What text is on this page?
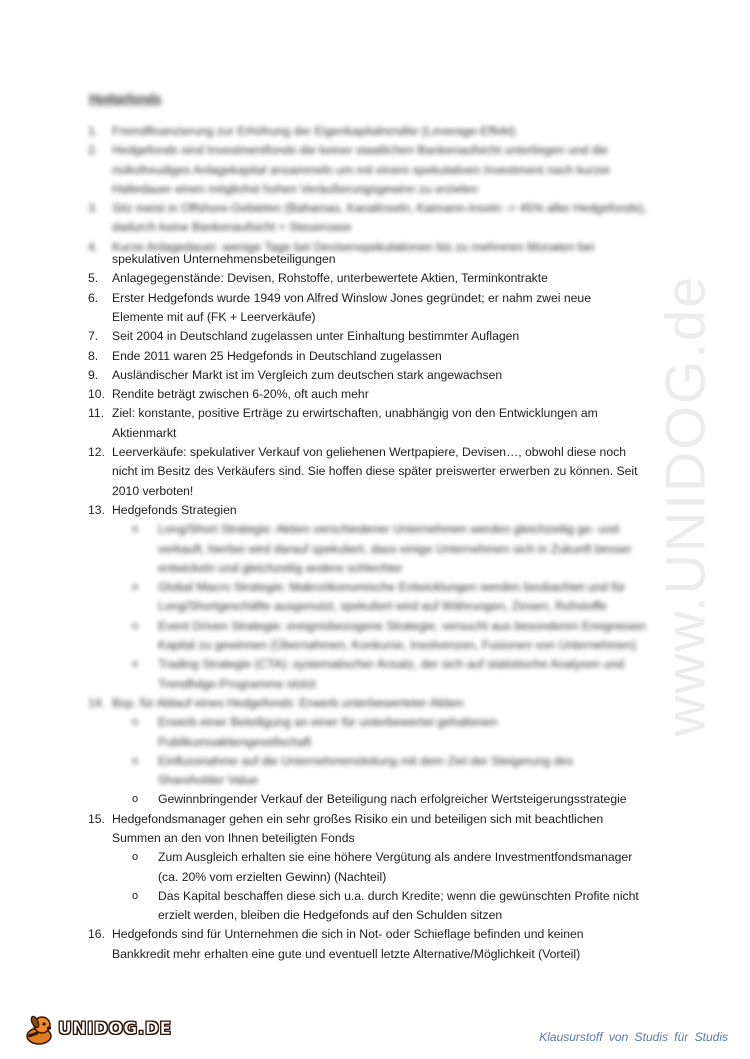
www.UNIDOG.de
Hedgefonds
1.	Fremdfinanzierung zur Erhöhung der Eigenkapitalrendite (Leverage-Effekt)
2.	Hedgefonds sind Investmentfonds die keiner staatlichen Bankenaufsicht unterliegen und die
risikofreudiges Anlagekapital ansammeln um mit einem spekulativen Investment nach kurzer
Haltedauer einen möglichst hohen Veräußerungsgewinn zu erzielen
3.	Sitz meist in Offshore-Gebieten (Bahamas, Kanalinseln, Kaimann-Inseln -> 45% aller Hedgefonds),
dadurch keine Bankenaufsicht + Steueroase
4.	Kurze Anlagedauer: wenige Tage bei Devisenspekulationen bis zu mehreren Monaten bei
spekulativen Unternehmensbeteiligungen
5.	Anlagegegenstände: Devisen, Rohstoffe, unterbewertete Aktien, Terminkontrakte
6.	Erster Hedgefonds wurde 1949 von Alfred Winslow Jones gegründet; er nahm zwei neue
Elemente mit auf (FK + Leerverkäufe)
7.	Seit 2004 in Deutschland zugelassen unter Einhaltung bestimmter Auflagen
8.	Ende 2011 waren 25 Hedgefonds in Deutschland zugelassen
9.	Ausländischer Markt ist im Vergleich zum deutschen stark angewachsen
10. Rendite beträgt zwischen 6-20%, oft auch mehr
11. Ziel: konstante, positive Erträge zu erwirtschaften, unabhängig von den Entwicklungen am
Aktienmarkt
12. Leerverkäufe: spekulativer Verkauf von geliehenen Wertpapiere, Devisen…, obwohl diese noch
nicht im Besitz des Verkäufers sind. Sie hoffen diese später preiswerter erwerben zu können. Seit
2010 verboten!
13. Hedgefonds Strategien
o	Long/Short Strategie: Aktien verschiedener Unternehmen werden gleichzeitig ge- und
verkauft, hierbei wird darauf spekuliert, dass einige Unternehmen sich in Zukunft besser
entwickeln und gleichzeitig andere schlechter
o	Global Macro Strategie: Makroökonomische Entwicklungen werden beobachtet und für
Long/Shortgeschäfte ausgenutzt, spekuliert wird auf Währungen, Zinsen, Rohstoffe
o	Event Driven Strategie: ereignisbezogene Strategie, versucht aus besonderen Ereignissen
Kapital zu gewinnen (Übernahmen, Konkurse, Insolvenzen, Fusionen von Unternehmen)
o	Trading Strategie (CTA): systematischer Ansatz, der sich auf statistische Analysen und
Trendfolge-Programme stützt
14. Bsp. für Ablauf eines Hedgefonds: Erwerb unterbewerteter Aktien
o	Erwerb einer Beteiligung an einer für unterbewertet gehaltenen
Publikumsaktiengesellschaft
o	Einflussnahme auf die Unternehmensleitung mit dem Ziel der Steigerung des
Shareholder Value
o	Gewinnbringender Verkauf der Beteiligung nach erfolgreicher Wertsteigerungsstrategie
15. Hedgefondsmanager gehen ein sehr großes Risiko ein und beteiligen sich mit beachtlichen
Summen an den von Ihnen beteiligten Fonds
o	Zum Ausgleich erhalten sie eine höhere Vergütung als andere Investmentfondsmanager
(ca. 20% vom erzielten Gewinn) (Nachteil)
o	Das Kapital beschaffen diese sich u.a. durch Kredite; wenn die gewünschten Profite nicht
erzielt werden, bleiben die Hedgefonds auf den Schulden sitzen
16. Hedgefonds sind für Unternehmen die sich in Not- oder Schieflage befinden und keinen
Bankkredit mehr erhalten eine gute und eventuell letzte Alternative/Möglichkeit (Vorteil)
UNIDOG.DE	Klausurstoff von Studis für Studis
